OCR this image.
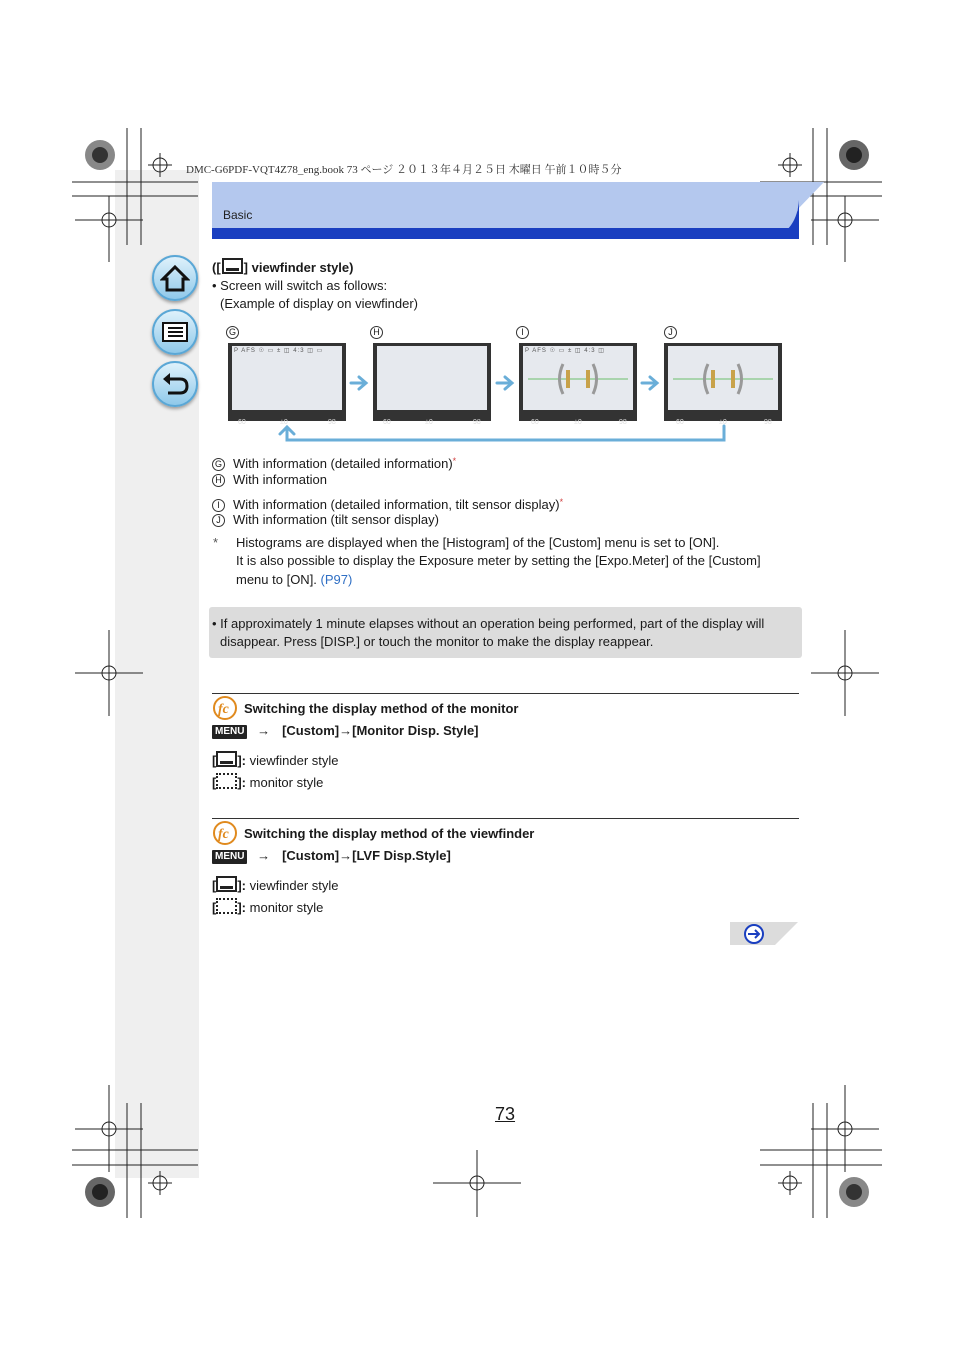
DMC-G6PDF-VQT4Z78_eng.book 73 ページ ２０１３年４月２５日 木曜日 午前１０時５分
Basic
([ ] viewfinder style)
• Screen will switch as follows:
(Example of display on viewfinder)
G	H	I	J
P AFS ☉ ▭ ± ◫ 4:3 ◫ ▭
60	±0	98	60	±0	98
P AFS ☉ ▭ ± ◫ 4:3 ◫
60	±0	98	60	±0	98
G With information (detailed information)*
H With information
I With information (detailed information, tilt sensor display)*
J With information (tilt sensor display)
* Histograms are displayed when the [Histogram] of the [Custom] menu is set to [ON].
It is also possible to display the Exposure meter by setting the [Expo.Meter] of the [Custom]
menu to [ON]. (P97)
• If approximately 1 minute elapses without an operation being performed, part of the display will
disappear. Press [DISP.] or touch the monitor to make the display reappear.
fc Switching the display method of the monitor
MENU → [Custom]→[Monitor Disp. Style]
[ ]: viewfinder style
[ ]: monitor style
fc Switching the display method of the viewfinder
MENU → [Custom]→[LVF Disp.Style]
[ ]: viewfinder style
[ ]: monitor style
73
